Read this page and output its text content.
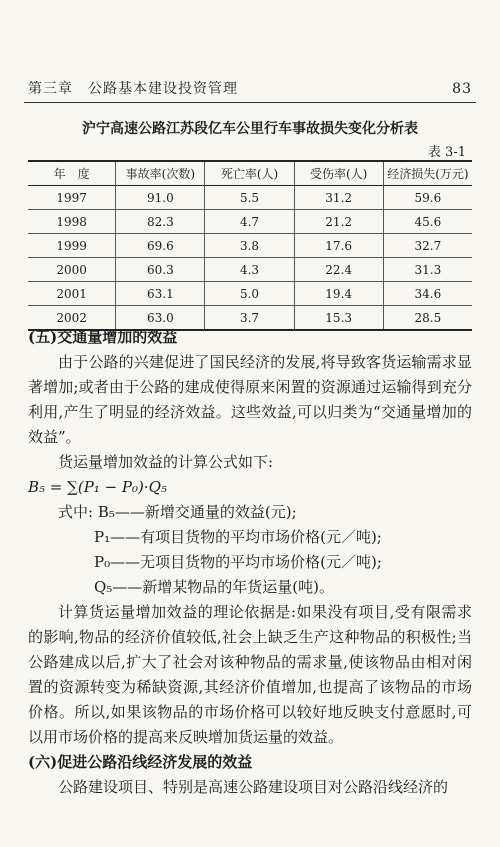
第三章　公路基本建设投资管理	83
沪宁高速公路江苏段亿车公里行车事故损失变化分析表
表 3-1
年　度	事故率(次数)	死亡率(人)	受伤率(人)	经济损失(万元)
1997	91.0	5.5	31.2	59.6
1998	82.3	4.7	21.2	45.6
1999	69.6	3.8	17.6	32.7
2000	60.3	4.3	22.4	31.3
2001	63.1	5.0	19.4	34.6
2002	63.0	3.7	15.3	28.5

(五)交通量增加的效益

由于公路的兴建促进了国民经济的发展,将导致客货运输需求显著增加;或者由于公路的建成使得原来闲置的资源通过运输得到充分利用,产生了明显的经济效益。这些效益,可以归类为“交通量增加的效益”。

货运量增加效益的计算公式如下:

B₅ = ∑(P₁ − P₀)·Q₅

式中: B₅——新增交通量的效益(元);

P₁——有项目货物的平均市场价格(元／吨);

P₀——无项目货物的平均市场价格(元／吨);

Q₅——新增某物品的年货运量(吨)。

计算货运量增加效益的理论依据是:如果没有项目,受有限需求的影响,物品的经济价值较低,社会上缺乏生产这种物品的积极性;当公路建成以后,扩大了社会对该种物品的需求量,使该物品由相对闲置的资源转变为稀缺资源,其经济价值增加,也提高了该物品的市场价格。所以,如果该物品的市场价格可以较好地反映支付意愿时,可以用市场价格的提高来反映增加货运量的效益。

(六)促进公路沿线经济发展的效益

公路建设项目、特别是高速公路建设项目对公路沿线经济的
